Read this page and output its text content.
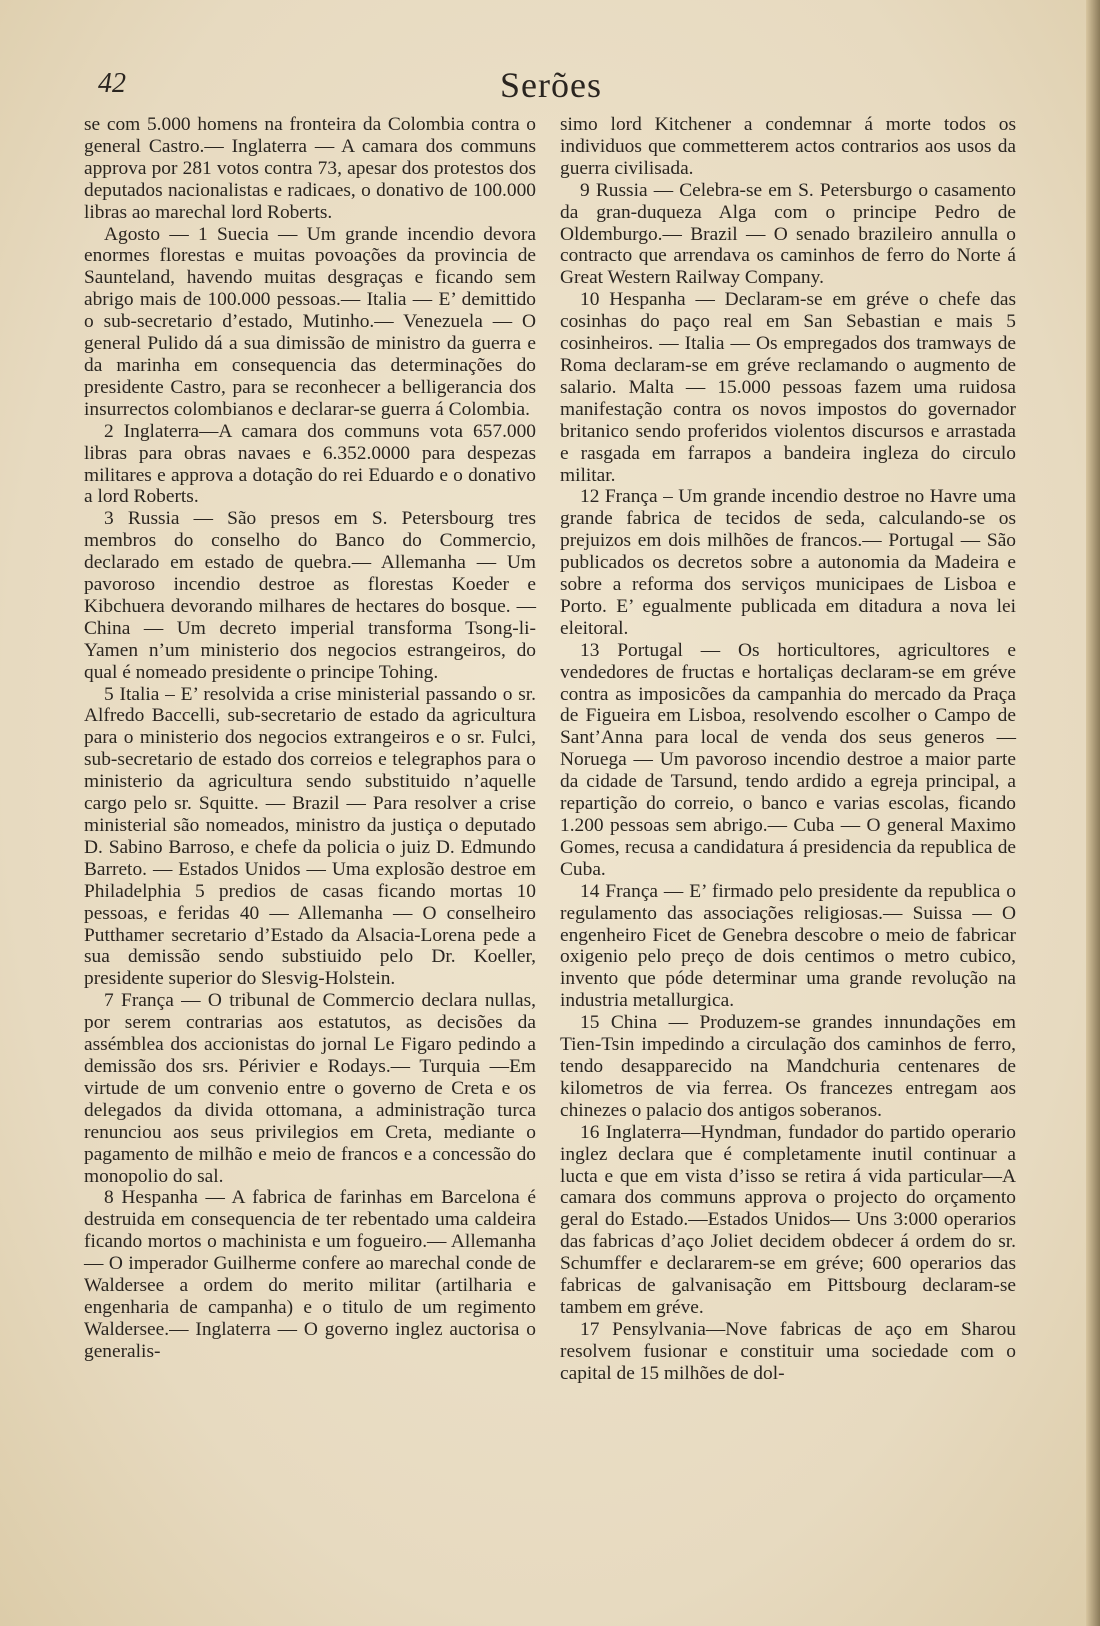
42	Serões

se com 5.000 homens na fronteira da Colombia contra o general Castro.— Inglaterra — A camara dos communs approva por 281 votos contra 73, apesar dos protestos dos deputados nacionalistas e radicaes, o donativo de 100.000 libras ao marechal lord Roberts.

Agosto — 1 Suecia — Um grande incendio devora enormes florestas e muitas povoações da provincia de Saunteland, havendo muitas desgraças e ficando sem abrigo mais de 100.000 pessoas.— Italia — E’ demittido o sub-secretario d’estado, Mutinho.— Venezuela — O general Pulido dá a sua dimissão de ministro da guerra e da marinha em consequencia das determinações do presidente Castro, para se reconhecer a belligerancia dos insurrectos colombianos e declarar-se guerra á Colombia.

2 Inglaterra—A camara dos communs vota 657.000 libras para obras navaes e 6.352.0000 para despezas militares e approva a dotação do rei Eduardo e o donativo a lord Roberts.

3 Russia — São presos em S. Petersbourg tres membros do conselho do Banco do Commercio, declarado em estado de quebra.— Allemanha — Um pavoroso incendio destroe as florestas Koeder e Kibchuera devorando milhares de hectares do bosque. — China — Um decreto imperial transforma Tsong-li-Yamen n’um ministerio dos negocios estrangeiros, do qual é nomeado presidente o principe Tohing.

5 Italia – E’ resolvida a crise ministerial passando o sr. Alfredo Baccelli, sub-secretario de estado da agricultura para o ministerio dos negocios extrangeiros e o sr. Fulci, sub-secretario de estado dos correios e telegraphos para o ministerio da agricultura sendo substituido n’aquelle cargo pelo sr. Squitte. — Brazil — Para resolver a crise ministerial são nomeados, ministro da justiça o deputado D. Sabino Barroso, e chefe da policia o juiz D. Edmundo Barreto. — Estados Unidos — Uma explosão destroe em Philadelphia 5 predios de casas ficando mortas 10 pessoas, e feridas 40 — Allemanha — O conselheiro Putthamer secretario d’Estado da Alsacia-Lorena pede a sua demissão sendo substiuido pelo Dr. Koeller, presidente superior do Slesvig-Holstein.

7 França — O tribunal de Commercio declara nullas, por serem contrarias aos estatutos, as decisões da assémblea dos accionistas do jornal Le Figaro pedindo a demissão dos srs. Périvier e Rodays.— Turquia —Em virtude de um convenio entre o governo de Creta e os delegados da divida ottomana, a administração turca renunciou aos seus privilegios em Creta, mediante o pagamento de milhão e meio de francos e a concessão do monopolio do sal.

8 Hespanha — A fabrica de farinhas em Barcelona é destruida em consequencia de ter rebentado uma caldeira ficando mortos o machinista e um fogueiro.— Allemanha — O imperador Guilherme confere ao marechal conde de Waldersee a ordem do merito militar (artilharia e engenharia de campanha) e o titulo de um regimento Waldersee.— Inglaterra — O governo inglez auctorisa o generalis-

simo lord Kitchener a condemnar á morte todos os individuos que commetterem actos contrarios aos usos da guerra civilisada.

9 Russia — Celebra-se em S. Petersburgo o casamento da gran-duqueza Alga com o principe Pedro de Oldemburgo.— Brazil — O senado brazileiro annulla o contracto que arrendava os caminhos de ferro do Norte á Great Western Railway Company.

10 Hespanha — Declaram-se em gréve o chefe das cosinhas do paço real em San Sebastian e mais 5 cosinheiros. — Italia — Os empregados dos tramways de Roma declaram-se em gréve reclamando o augmento de salario. Malta — 15.000 pessoas fazem uma ruidosa manifestação contra os novos impostos do governador britanico sendo proferidos violentos discursos e arrastada e rasgada em farrapos a bandeira ingleza do circulo militar.

12 França – Um grande incendio destroe no Havre uma grande fabrica de tecidos de seda, calculando-se os prejuizos em dois milhões de francos.— Portugal — São publicados os decretos sobre a autonomia da Madeira e sobre a reforma dos serviços municipaes de Lisboa e Porto. E’ egualmente publicada em ditadura a nova lei eleitoral.

13 Portugal — Os horticultores, agricultores e vendedores de fructas e hortaliças declaram-se em gréve contra as imposicões da campanhia do mercado da Praça de Figueira em Lisboa, resolvendo escolher o Campo de Sant’Anna para local de venda dos seus generos — Noruega — Um pavoroso incendio destroe a maior parte da cidade de Tarsund, tendo ardido a egreja principal, a repartição do correio, o banco e varias escolas, ficando 1.200 pessoas sem abrigo.— Cuba — O general Maximo Gomes, recusa a candidatura á presidencia da republica de Cuba.

14 França — E’ firmado pelo presidente da republica o regulamento das associações religiosas.— Suissa — O engenheiro Ficet de Genebra descobre o meio de fabricar oxigenio pelo preço de dois centimos o metro cubico, invento que póde determinar uma grande revolução na industria metallurgica.

15 China — Produzem-se grandes innundações em Tien-Tsin impedindo a circulação dos caminhos de ferro, tendo desapparecido na Mandchuria centenares de kilometros de via ferrea. Os francezes entregam aos chinezes o palacio dos antigos soberanos.

16 Inglaterra—Hyndman, fundador do partido operario inglez declara que é completamente inutil continuar a lucta e que em vista d’isso se retira á vida particular—A camara dos communs approva o projecto do orçamento geral do Estado.—Estados Unidos— Uns 3:000 operarios das fabricas d’aço Joliet decidem obdecer á ordem do sr. Schumffer e declararem-se em gréve; 600 operarios das fabricas de galvanisação em Pittsbourg declaram-se tambem em gréve.

17 Pensylvania—Nove fabricas de aço em Sharou resolvem fusionar e constituir uma sociedade com o capital de 15 milhões de dol-
